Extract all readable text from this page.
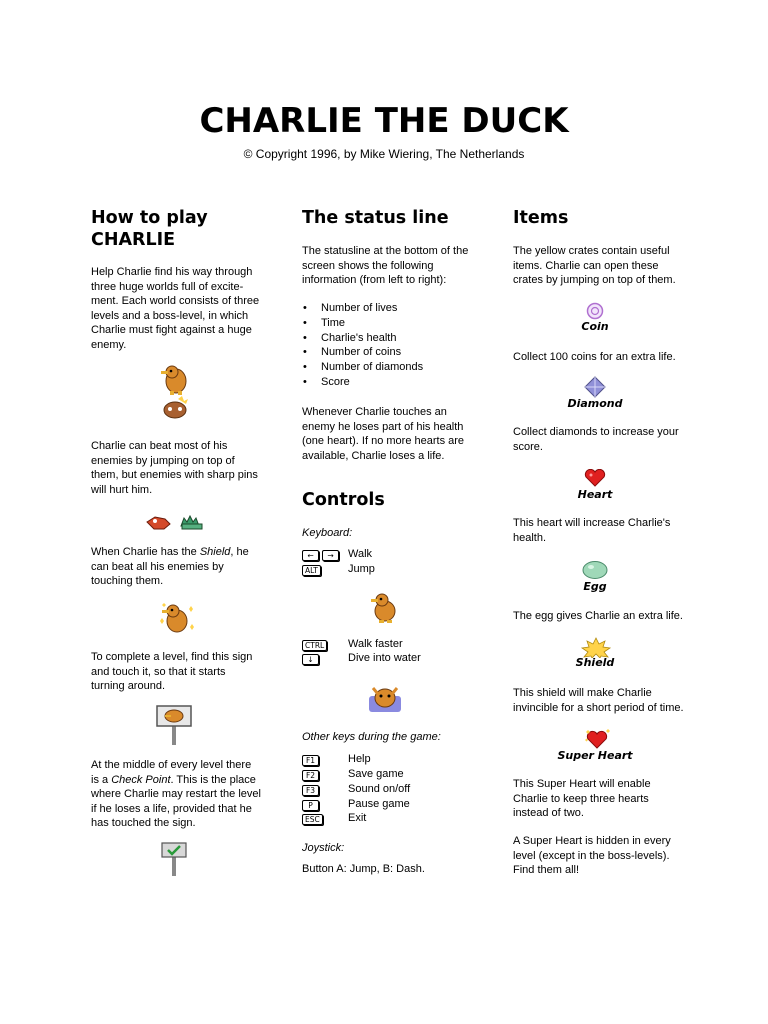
CHARLIE THE DUCK
© Copyright 1996, by Mike Wiering, The Netherlands
How to play
CHARLIE
Help Charlie find his way through
three huge worlds full of excite-
ment. Each world consists of three
levels and a boss-level, in which
Charlie must fight against a huge
enemy.
Charlie can beat most of his
enemies by jumping on top of
them, but enemies with sharp pins
will hurt him.
When Charlie has the Shield, he
can beat all his enemies by
touching them.
To complete a level, find this sign
and touch it, so that it starts
turning around.
At the middle of every level there
is a Check Point. This is the place
where Charlie may restart the level
if he loses a life, provided that he
has touched the sign.
The status line
The statusline at the bottom of the
screen shows the following
information (from left to right):
• Number of lives
• Time
• Charlie's health
• Number of coins
• Number of diamonds
• Score
Whenever Charlie touches an
enemy he loses part of his health
(one heart). If no more hearts are
available, Charlie loses a life.
Controls
Keyboard:
← →	Walk
ALT	Jump
CTRL Walk faster
↓	Dive into water
Other keys during the game:
F1	Help
F2	Save game
F3	Sound on/off
P	Pause game
ESC	Exit
Joystick:
Button A: Jump, B: Dash.
Items
The yellow crates contain useful
items. Charlie can open these
crates by jumping on top of them.
Coin
Collect 100 coins for an extra life.
Diamond
Collect diamonds to increase your
score.
Heart
This heart will increase Charlie's
health.
Egg
The egg gives Charlie an extra life.
Shield
This shield will make Charlie
invincible for a short period of time.
Super Heart
This Super Heart will enable
Charlie to keep three hearts
instead of two.
A Super Heart is hidden in every
level (except in the boss-levels).
Find them all!
